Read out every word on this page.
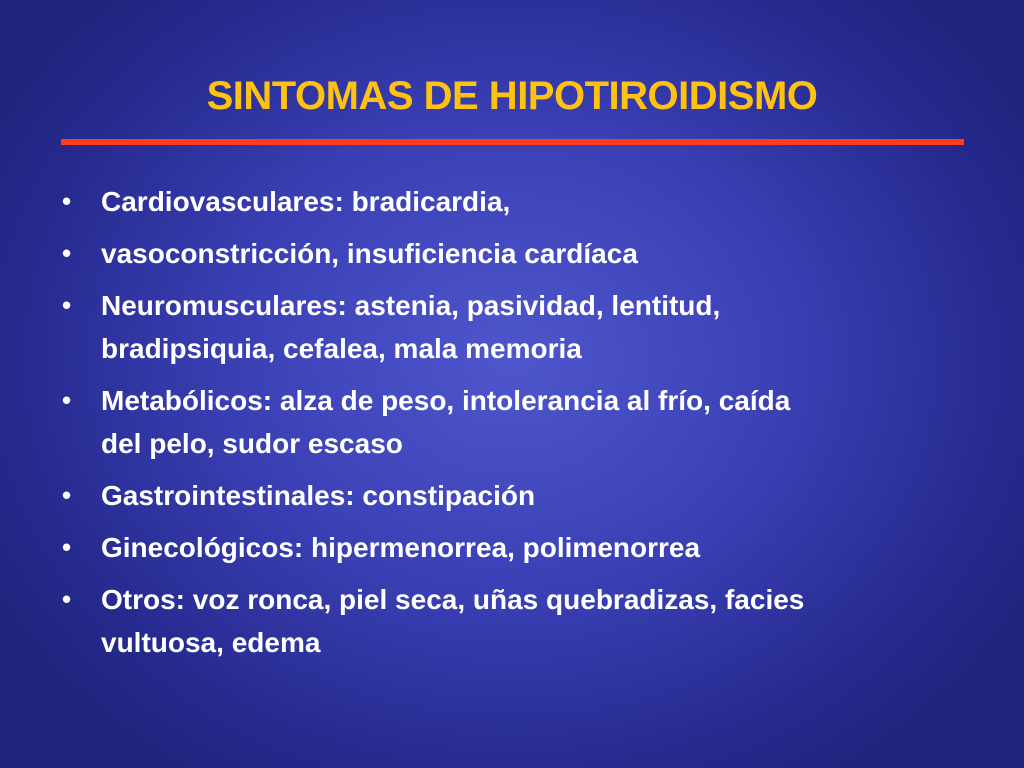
SINTOMAS DE HIPOTIROIDISMO
• Cardiovasculares: bradicardia,
• vasoconstricción, insuficiencia cardíaca
• Neuromusculares: astenia, pasividad, lentitud,
bradipsiquia, cefalea, mala memoria
• Metabólicos: alza de peso, intolerancia al frío, caída
del pelo, sudor escaso
• Gastrointestinales: constipación
• Ginecológicos: hipermenorrea, polimenorrea
• Otros: voz ronca, piel seca, uñas quebradizas, facies
vultuosa, edema
